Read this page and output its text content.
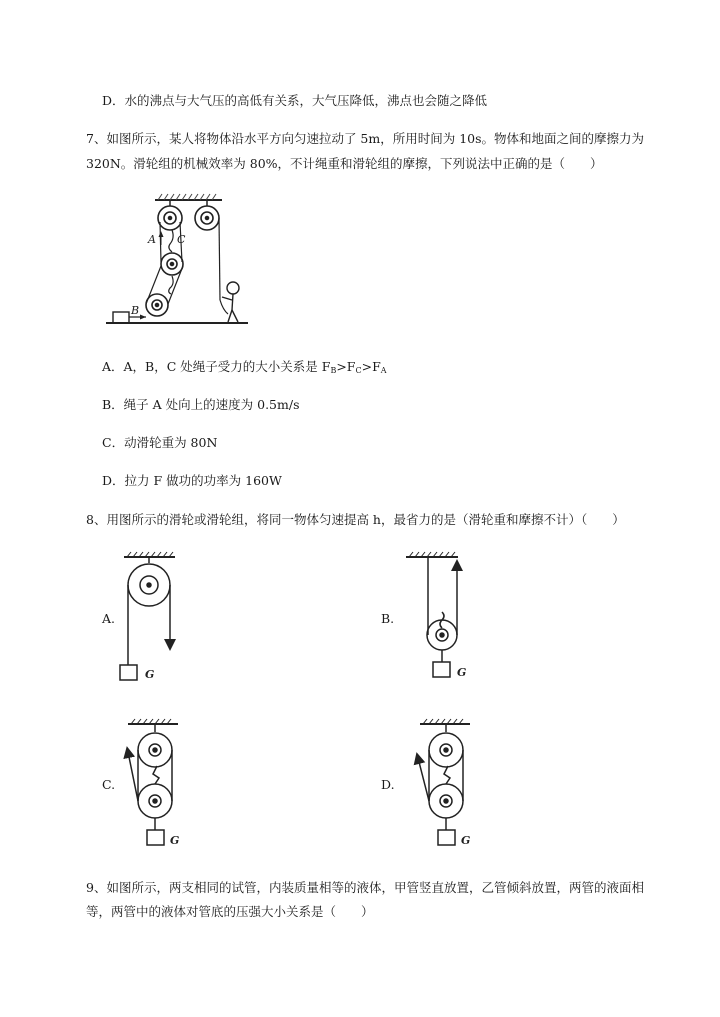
D．水的沸点与大气压的高低有关系，大气压降低，沸点也会随之降低
7、如图所示，某人将物体沿水平方向匀速拉动了 5m，所用时间为 10s。物体和地面之间的摩擦力为
320N。滑轮组的机械效率为 80%，不计绳重和滑轮组的摩擦，下列说法中正确的是（　　）
A C
B
A．A，B，C 处绳子受力的大小关系是 $F_B>F_C>F_A$
B．绳子 A 处向上的速度为 0.5m/s
C．动滑轮重为 80N
D．拉力 F 做功的功率为 160W
8、用图所示的滑轮或滑轮组，将同一物体匀速提高 h，最省力的是（滑轮重和摩擦不计）（　　）
A.	B.
C.	D.
G	G
G	G
9、如图所示，两支相同的试管，内装质量相等的液体，甲管竖直放置，乙管倾斜放置，两管的液面相
等，两管中的液体对管底的压强大小关系是（　　）
